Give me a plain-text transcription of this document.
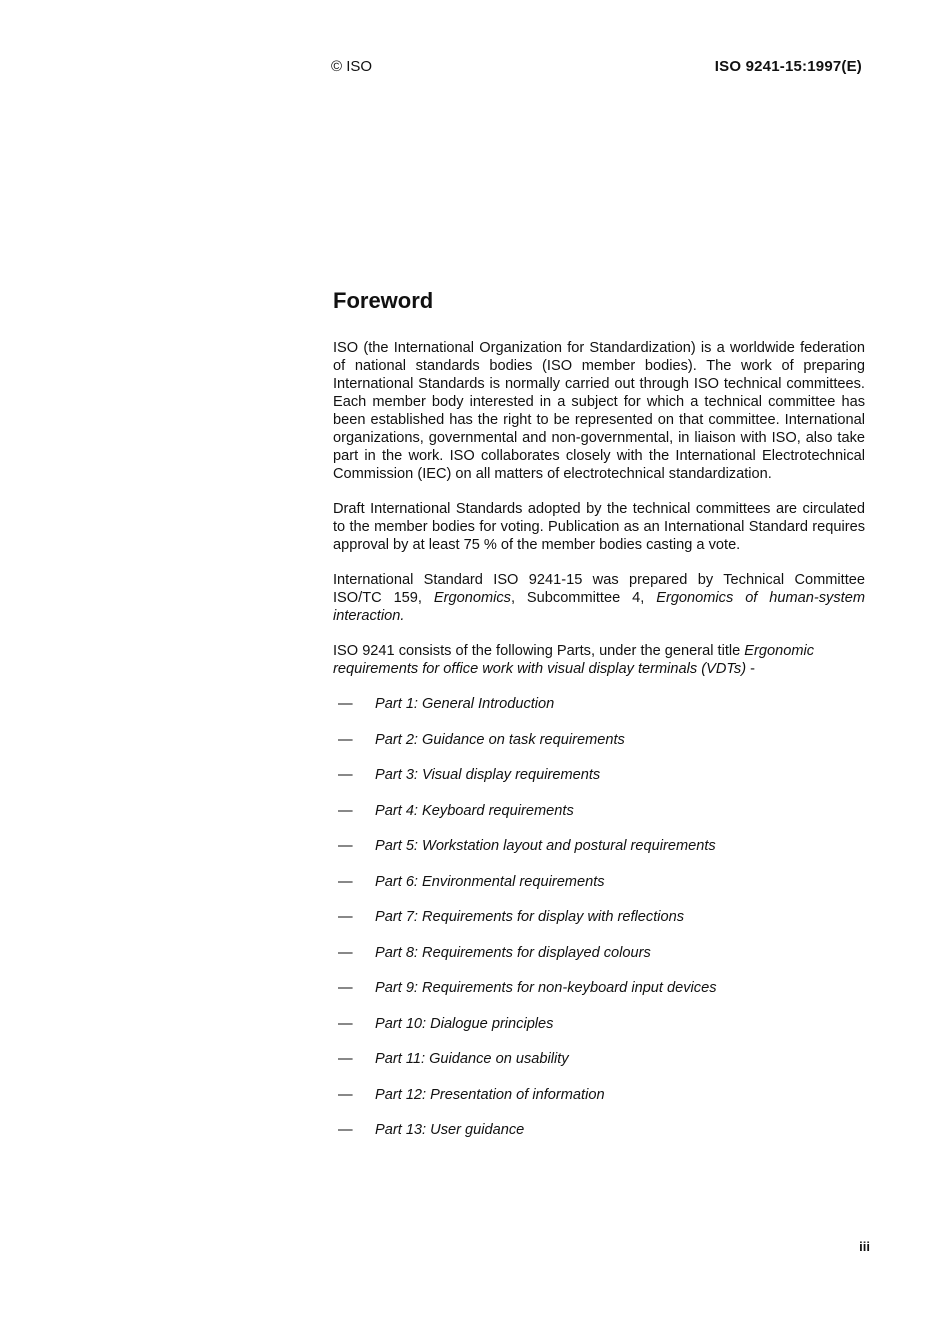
© ISO	ISO 9241-15:1997(E)
Foreword

ISO (the International Organization for Standardization) is a worldwide federation of national standards bodies (ISO member bodies). The work of preparing International Standards is normally carried out through ISO technical committees. Each member body interested in a subject for which a technical committee has been established has the right to be represented on that committee. International organizations, governmental and non-governmental, in liaison with ISO, also take part in the work. ISO collaborates closely with the International Electrotechnical Commission (IEC) on all matters of electrotechnical standardization.

Draft International Standards adopted by the technical committees are circulated to the member bodies for voting. Publication as an International Standard requires approval by at least 75 % of the member bodies casting a vote.

International Standard ISO 9241-15 was prepared by Technical Committee ISO/TC 159, Ergonomics, Subcommittee 4, Ergonomics of human-system interaction.

ISO 9241 consists of the following Parts, under the general title Ergonomic requirements for office work with visual display terminals (VDTs) -

— Part 1: General Introduction
— Part 2: Guidance on task requirements
— Part 3: Visual display requirements
— Part 4: Keyboard requirements
— Part 5: Workstation layout and postural requirements
— Part 6: Environmental requirements
— Part 7: Requirements for display with reflections
— Part 8: Requirements for displayed colours
— Part 9: Requirements for non-keyboard input devices
— Part 10: Dialogue principles
— Part 11: Guidance on usability
— Part 12: Presentation of information
— Part 13: User guidance
iii
